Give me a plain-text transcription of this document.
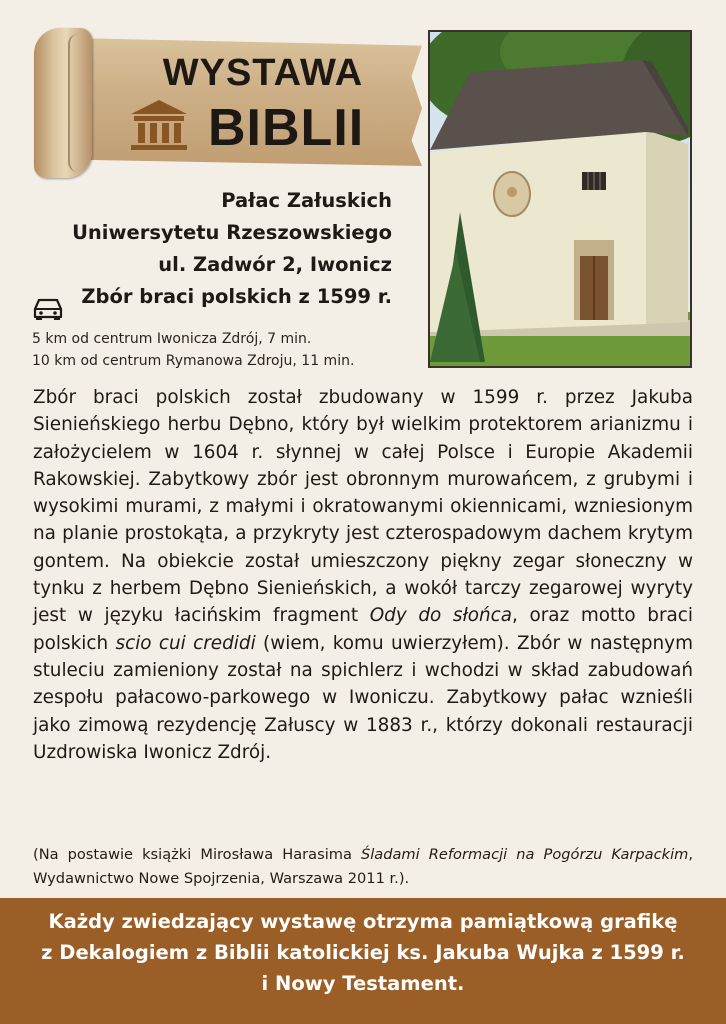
WYSTAWA
BIBLII
Pałac Załuskich
Uniwersytetu Rzeszowskiego
ul. Zadwór 2, Iwonicz
Zbór braci polskich z 1599 r.
5 km od centrum Iwonicza Zdrój, 7 min.
10 km od centrum Rymanowa Zdroju, 11 min.
Zbór braci polskich został zbudowany w 1599 r. przez Jakuba Sienieńskiego herbu Dębno, który był wielkim protektorem arianizmu i założycielem w 1604 r. słynnej w całej Polsce i Europie Akademii Rakowskiej. Zabytkowy zbór jest obronnym murowańcem, z grubymi i wysokimi murami, z małymi i okratowanymi okiennicami, wzniesionym na planie prostokąta, a przykryty jest czterospadowym dachem krytym gontem. Na obiekcie został umieszczony piękny zegar słoneczny w tynku z herbem Dębno Sienieńskich, a wokół tarczy zegarowej wyryty jest w języku łacińskim fragment Ody do słońca, oraz motto braci polskich scio cui credidi (wiem, komu uwierzyłem). Zbór w następnym stuleciu zamieniony został na spichlerz i wchodzi w skład zabudowań zespołu pałacowo-parkowego w Iwoniczu. Zabytkowy pałac wznieśli jako zimową rezydencję Załuscy w 1883 r., którzy dokonali restauracji Uzdrowiska Iwonicz Zdrój.
(Na postawie książki Mirosława Harasima Śladami Reformacji na Pogórzu Karpackim, Wydawnictwo Nowe Spojrzenia, Warszawa 2011 r.).
Każdy zwiedzający wystawę otrzyma pamiątkową grafikę
z Dekalogiem z Biblii katolickiej ks. Jakuba Wujka z 1599 r.
i Nowy Testament.
